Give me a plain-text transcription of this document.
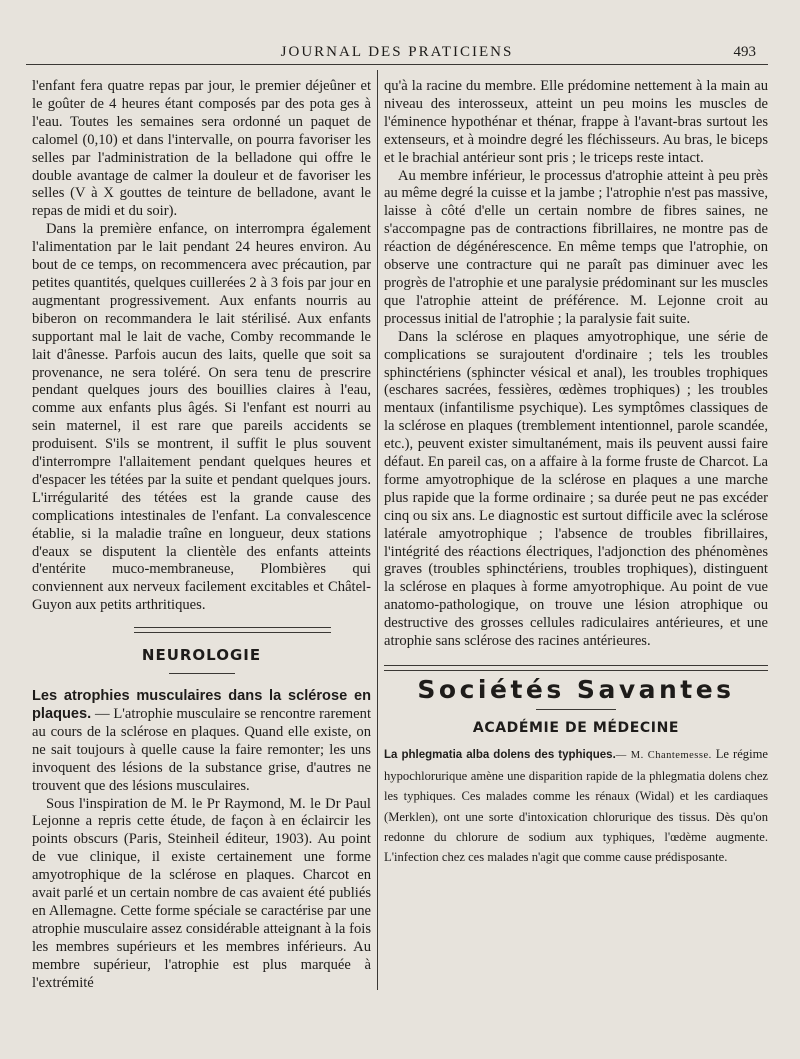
JOURNAL DES PRATICIENS	493

l'enfant fera quatre repas par jour, le premier déjeûner et le goûter de 4 heures étant composés par des pota ges à l'eau. Toutes les semaines sera ordonné un paquet de calomel (0,10) et dans l'intervalle, on pourra favoriser les selles par l'administration de la belladone qui offre le double avantage de calmer la douleur et de favoriser les selles (V à X gouttes de teinture de belladone, avant le repas de midi et du soir).

Dans la première enfance, on interrompra également l'alimentation par le lait pendant 24 heures environ. Au bout de ce temps, on recommencera avec précaution, par petites quantités, quelques cuillerées 2 à 3 fois par jour en augmentant progressivement. Aux enfants nourris au biberon on recommandera le lait stérilisé. Aux enfants supportant mal le lait de vache, Comby recommande le lait d'ânesse. Parfois aucun des laits, quelle que soit sa provenance, ne sera toléré. On sera tenu de prescrire pendant quelques jours des bouillies claires à l'eau, comme aux enfants plus âgés. Si l'enfant est nourri au sein maternel, il est rare que pareils accidents se produisent. S'ils se montrent, il suffit le plus souvent d'interrompre l'allaitement pendant quelques heures et d'espacer les tétées par la suite et pendant quelques jours. L'irrégularité des tétées est la grande cause des complications intestinales de l'enfant. La convalescence établie, si la maladie traîne en longueur, deux stations d'eaux se disputent la clientèle des enfants atteints d'entérite muco-membraneuse, Plombières qui conviennent aux nerveux facilement excitables et Châtel-Guyon aux petits arthritiques.

NEUROLOGIE

Les atrophies musculaires dans la sclérose en plaques. — L'atrophie musculaire se rencontre rarement au cours de la sclérose en plaques. Quand elle existe, on ne sait toujours à quelle cause la faire remonter; les uns invoquent des lésions de la substance grise, d'autres ne trouvent que des lésions musculaires.

Sous l'inspiration de M. le Pr Raymond, M. le Dr Paul Lejonne a repris cette étude, de façon à en éclaircir les points obscurs (Paris, Steinheil éditeur, 1903). Au point de vue clinique, il existe certainement une forme amyotrophique de la sclérose en plaques. Charcot en avait parlé et un certain nombre de cas avaient été publiés en Allemagne. Cette forme spéciale se caractérise par une atrophie musculaire assez considérable atteignant à la fois les membres supérieurs et les membres inférieurs. Au membre supérieur, l'atrophie est plus marquée à l'extrémité

qu'à la racine du membre. Elle prédomine nettement à la main au niveau des interosseux, atteint un peu moins les muscles de l'éminence hypothénar et thénar, frappe à l'avant-bras surtout les extenseurs, et à moindre degré les fléchisseurs. Au bras, le biceps et le brachial antérieur sont pris ; le triceps reste intact.

Au membre inférieur, le processus d'atrophie atteint à peu près au même degré la cuisse et la jambe ; l'atrophie n'est pas massive, laisse à côté d'elle un certain nombre de fibres saines, ne s'accompagne pas de contractions fibrillaires, ne montre pas de réaction de dégénérescence. En même temps que l'atrophie, on observe une contracture qui ne paraît pas diminuer avec les progrès de l'atrophie et une paralysie prédominant sur les muscles que l'atrophie atteint de préférence. M. Lejonne croit au processus initial de l'atrophie ; la paralysie fait suite.

Dans la sclérose en plaques amyotrophique, une série de complications se surajoutent d'ordinaire ; tels les troubles sphinctériens (sphincter vésical et anal), les troubles trophiques (eschares sacrées, fessières, œdèmes trophiques) ; les troubles mentaux (infantilisme psychique). Les symptômes classiques de la sclérose en plaques (tremblement intentionnel, parole scandée, etc.), peuvent exister simultanément, mais ils peuvent aussi faire défaut. En pareil cas, on a affaire à la forme fruste de Charcot. La forme amyotrophique de la sclérose en plaques a une marche plus rapide que la forme ordinaire ; sa durée peut ne pas excéder cinq ou six ans. Le diagnostic est surtout difficile avec la sclérose latérale amyotrophique ; l'absence de troubles fibrillaires, l'intégrité des réactions électriques, l'adjonction des phénomènes graves (troubles sphinctériens, troubles trophiques), distinguent la sclérose en plaques à forme amyotrophique. Au point de vue anatomo-pathologique, on trouve une lésion atrophique ou destructive des grosses cellules radiculaires antérieures, et une atrophie sans sclérose des racines antérieures.

Sociétés Savantes
ACADÉMIE DE MÉDECINE

La phlegmatia alba dolens des typhiques.— M. Chantemesse. Le régime hypochlorurique amène une disparition rapide de la phlegmatia dolens chez les typhiques. Ces malades comme les rénaux (Widal) et les cardiaques (Merklen), ont une sorte d'intoxication chlorurique des tissus. Dès qu'on redonne du chlorure de sodium aux typhiques, l'œdème augmente. L'infection chez ces malades n'agit que comme cause prédisposante.
